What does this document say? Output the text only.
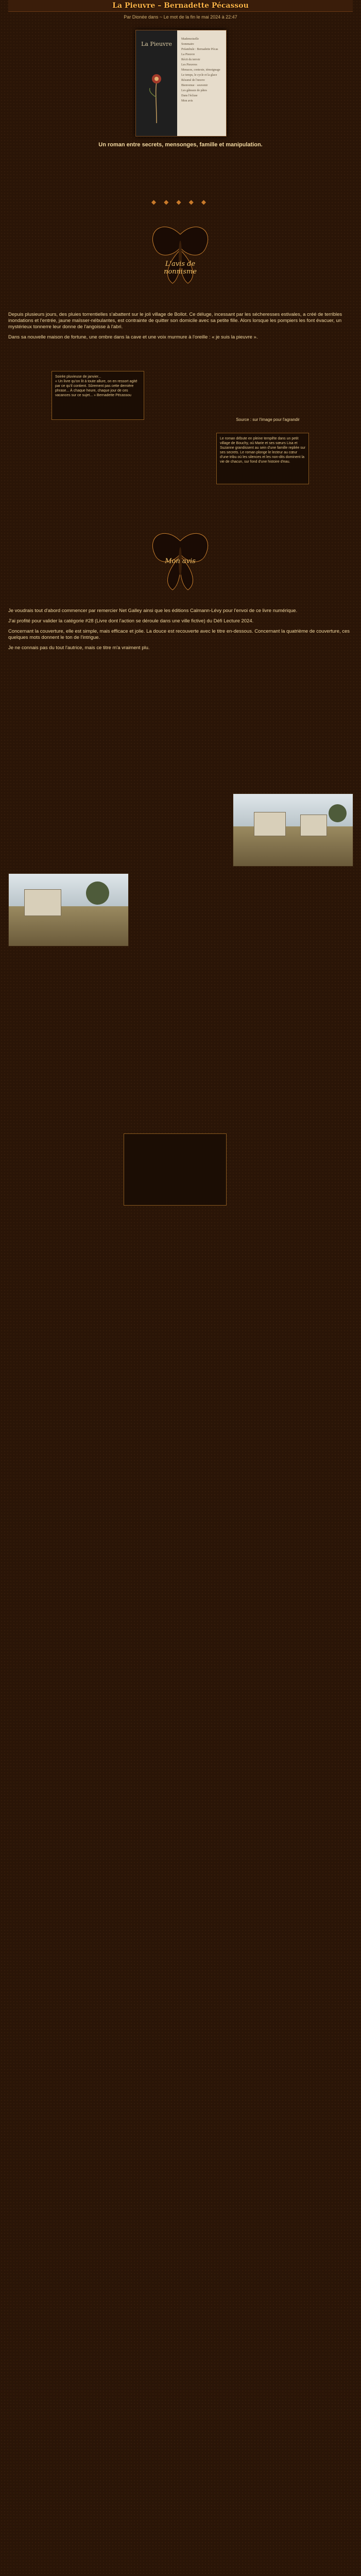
La Pieuvre – Bernadette Pécassou
Par Dionée dans ~ Le mot de la fin le mai 2024 à 22:47
La Pieuvre
Mademoiselle
Sommaire
Préambule : Bernadette Pécas
La Pieuvre
Récit du terroir
Les Pieuvres
Menaces, contexte, témoignage
Le temps, le cycle et la glace
Résumé de l'œuvre
Bienvenue · souvenir
Les gâteaux de pâtes
Dans l'écluse
Mon avis
Un roman entre secrets, mensonges, famille et manipulation.
◆ ◆ ◆ ◆ ◆
L'avis de
nonnisme

Depuis plusieurs jours, des pluies torrentielles s'abattent sur le joli village de Bollot. Ce déluge, incessant par les sécheresses estivales, a créé de terribles inondations et l'entrée, jaune maïsser-nébulantes, est contrainte de quitter son domicile avec sa petite fille. Alors lorsque les pompiers les font évacuer, un mystérieux tonnerre leur donne de l'angoisse à l'abri.

Dans sa nouvelle maison de fortune, une ombre dans la cave et une voix murmure à l'oreille : « je suis la pieuvre ».

Soirée pluvieuse de janvier...
« Un livre qu'on lit à toute allure, on en ressort agité par ce qu'il contient. Sûrement pas cette dernière phrase... À chaque heure, chaque jour de ces vacances sur ce sujet... » Bernadette Pécassou
Source : sur l'image pour l'agrandir
Le roman débute en pleine tempête dans un petit village de Bouchy, où Marie et ses sœurs Lisa et Suzanne grandissent au sein d'une famille repliée sur ses secrets. Le roman plonge le lecteur au cœur d'une tribu où les silences et les non-dits dominent la vie de chacun, sur fond d'une histoire d'eau.
Mon avis

Je voudrais tout d'abord commencer par remercier Net Galley ainsi que les éditions Calmann-Lévy pour l'envoi de ce livre numérique.

J'ai profité pour valider la catégorie #28 (Livre dont l'action se déroule dans une ville fictive) du Défi Lecture 2024.

Concernant la couverture, elle est simple, mais efficace et jolie. La douce est recouverte avec le titre en-dessous. Concernant la quatrième de couverture, ces quelques mots donnent le ton de l'intrigue.

Je ne connais pas du tout l'autrice, mais ce titre m'a vraiment plu.
